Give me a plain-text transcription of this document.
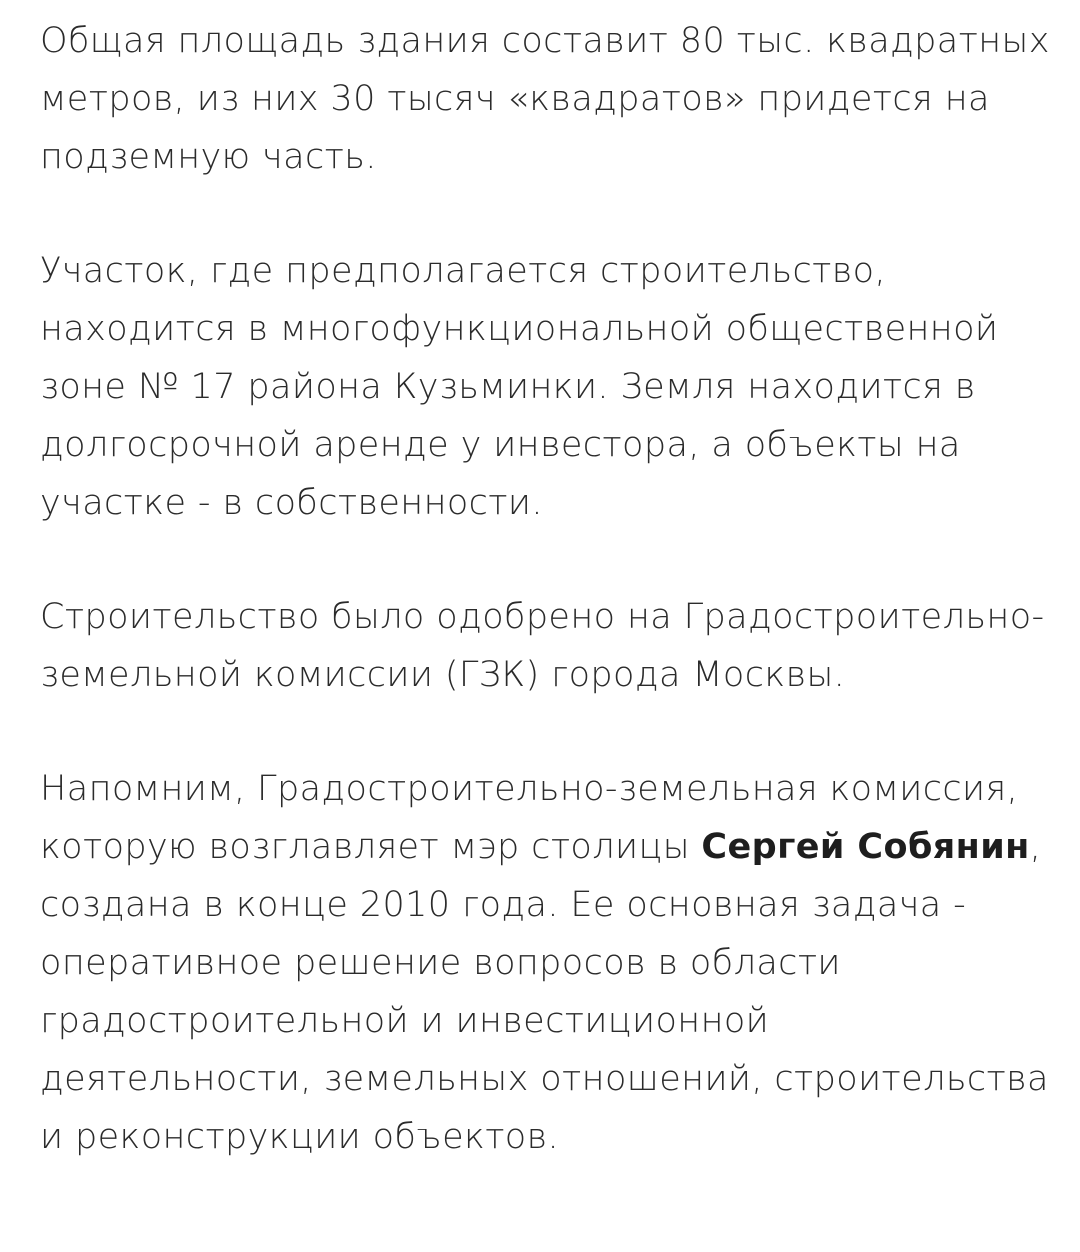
Общая площадь здания составит 80 тыс. квадратных метров, из них 30 тысяч «квадратов» придется на подземную часть.

Участок, где предполагается строительство, находится в многофункциональной общественной зоне № 17 района Кузьминки. Земля находится в долгосрочной аренде у инвестора, а объекты на участке - в собственности.

Строительство было одобрено на Градостроительно-земельной комиссии (ГЗК) города Москвы.

Напомним, Градостроительно-земельная комиссия, которую возглавляет мэр столицы Сергей Собянин, создана в конце 2010 года. Ее основная задача - оперативное решение вопросов в области градостроительной и инвестиционной деятельности, земельных отношений, строительства и реконструкции объектов.
